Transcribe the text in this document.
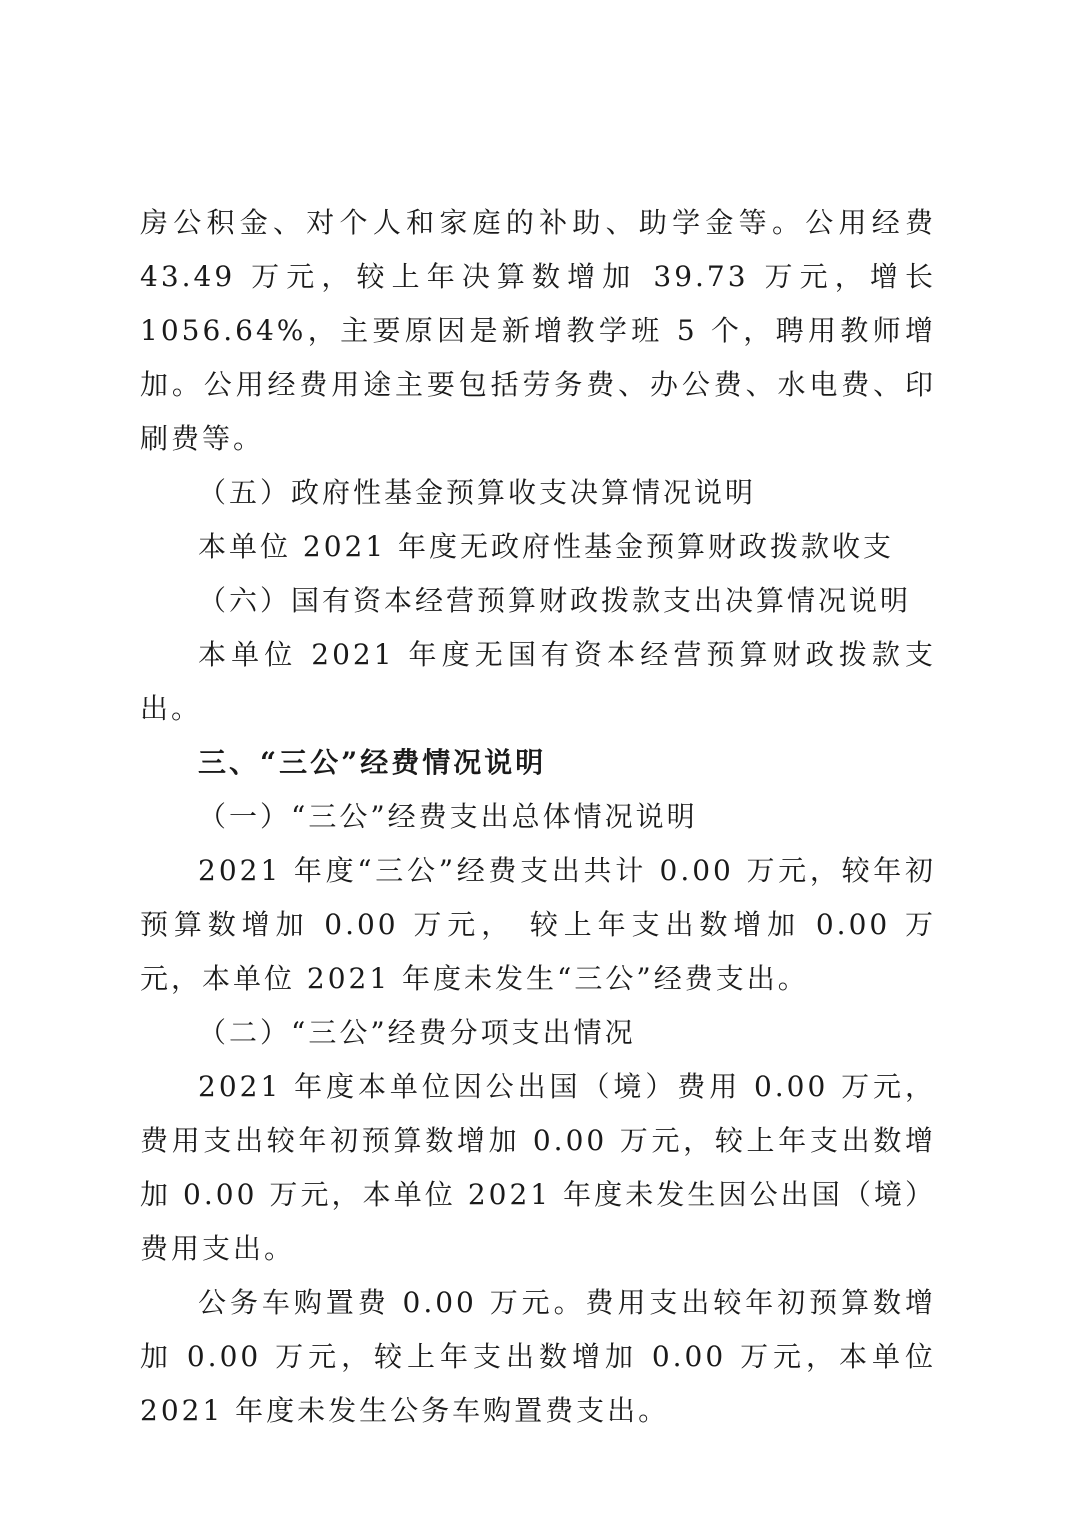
房公积金、对个人和家庭的补助、助学金等。公用经费 43.49 万元，较上年决算数增加 39.73 万元，增长 1056.64%，主要原因是新增教学班 5 个，聘用教师增加。公用经费用途主要包括劳务费、办公费、水电费、印刷费等。

（五）政府性基金预算收支决算情况说明

本单位 2021 年度无政府性基金预算财政拨款收支

（六）国有资本经营预算财政拨款支出决算情况说明

本单位 2021 年度无国有资本经营预算财政拨款支出。

三、“三公”经费情况说明

（一）“三公”经费支出总体情况说明

2021 年度“三公”经费支出共计 0.00 万元，较年初预算数增加 0.00 万元， 较上年支出数增加 0.00 万元，本单位 2021 年度未发生“三公”经费支出。

（二）“三公”经费分项支出情况

2021 年度本单位因公出国（境）费用 0.00 万元，费用支出较年初预算数增加 0.00 万元，较上年支出数增加 0.00 万元，本单位 2021 年度未发生因公出国（境）费用支出。

公务车购置费 0.00 万元。费用支出较年初预算数增加 0.00 万元，较上年支出数增加 0.00 万元，本单位 2021 年度未发生公务车购置费支出。
